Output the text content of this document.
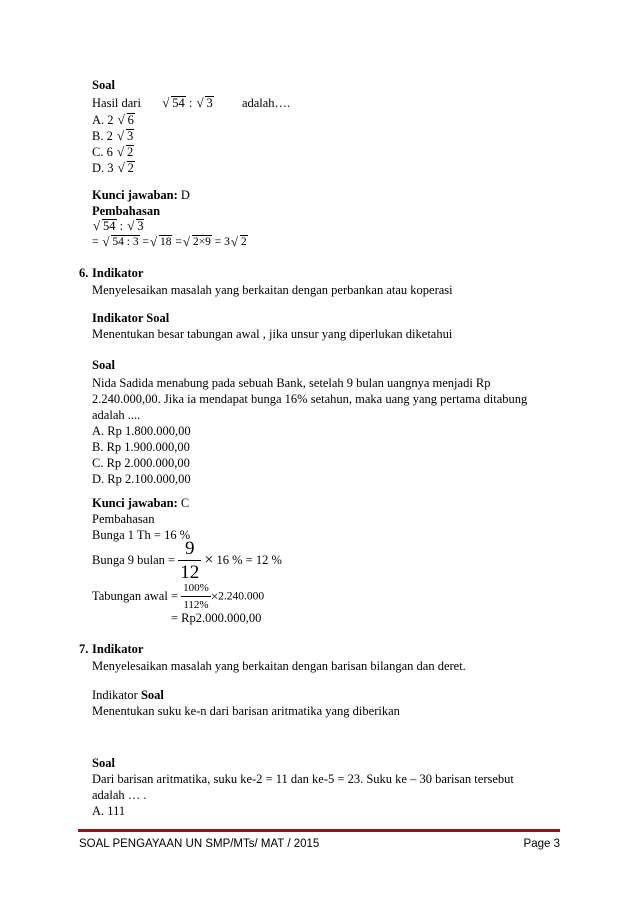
Soal
Hasil dari	√ 54 : √ 3 adalah….
A. 2 √ 6
B. 2 √ 3
C. 6 √ 2
D. 3 √ 2
Kunci jawaban: D
Pembahasan
√ 54 : √ 3
= √ 54 : 3 = √ 18 = √ 2×9 = 3 √ 2
6. Indikator
Menyelesaikan masalah yang berkaitan dengan perbankan atau koperasi
Indikator Soal
Menentukan besar tabungan awal , jika unsur yang diperlukan diketahui
Soal
Nida Sadida menabung pada sebuah Bank, setelah 9 bulan uangnya menjadi Rp
2.240.000,00. Jika ia mendapat bunga 16% setahun, maka uang yang pertama ditabung
adalah ....
A. Rp 1.800.000,00
B. Rp 1.900.000,00
C. Rp 2.000.000,00
D. Rp 2.100.000,00
Kunci jawaban: C
Pembahasan
Bunga 1 Th = 16 %
Bunga 9 bulan = $\frac{9}{12} \times 16$ % = 12 %
Tabungan awal = $\frac{100\%}{112\%} \times 2.240.000$
= Rp2.000.000,00
7. Indikator
Menyelesaikan masalah yang berkaitan dengan barisan bilangan dan deret.
Indikator Soal
Menentukan suku ke-n dari barisan aritmatika yang diberikan
Soal
Dari barisan aritmatika, suku ke-2 = 11 dan ke-5 = 23. Suku ke – 30 barisan tersebut
adalah … .
A. 111
SOAL PENGAYAAN UN SMP/MTs/ MAT / 2015	Page 3
